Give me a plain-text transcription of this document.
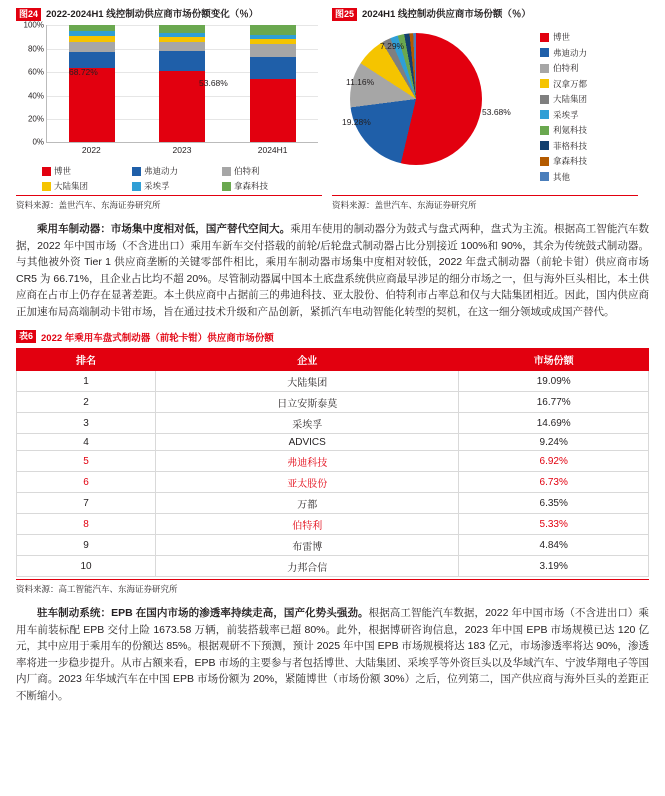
图24 2022-2024H1 线控制动供应商市场份额变化（％）
100%
80%
60%
40%
20%
0%
68.72%
53.68%
2022	2023	2024H1
博世	弗迪动力	伯特利
大陆集团	采埃孚	拿森科技
资料来源：盖世汽车、东海证券研究所
图25 2024H1 线控制动供应商市场份额（％）
53.68%
19.28%
11.16%
7.29%
博世
弗迪动力
伯特利
汉拿万都
大陆集团
采埃孚
利氪科技
菲格科技
拿森科技
其他
资料来源：盖世汽车、东海证券研究所
乘用车制动器：市场集中度相对低，国产替代空间大。乘用车使用的制动器分为鼓式与盘式两种，盘式为主流。根据高工智能汽车数据，2022 年中国市场（不含进出口）乘用车新车交付搭载的前轮/后轮盘式制动器占比分别接近 100%和 90%，其余为传统鼓式制动器。与其他被外资 Tier 1 供应商垄断的关键零部件相比，乘用车制动器市场集中度相对较低，2022 年盘式制动器（前轮卡钳）供应商市场 CR5 为 66.71%，且企业占比均不超 20%。尽管制动器属中国本土底盘系统供应商最早涉足的细分市场之一，但与海外巨头相比，本土供应商在占市上仍存在显著差距。本土供应商中占据前三的弗迪科技、亚太股份、伯特利市占率总和仅与大陆集团相近。因此，国内供应商正加速布局高端制动卡钳市场，旨在通过技术升级和产品创新，紧抓汽车电动智能化转型的契机，在这一细分领域或成国产替代。
表6 2022 年乘用车盘式制动器（前轮卡钳）供应商市场份额
排名	企业	市场份额
1	大陆集团	19.09%
2	日立安斯泰莫	16.77%
3	采埃孚	14.69%
4	ADVICS	9.24%
5	弗迪科技	6.92%
6	亚太股份	6.73%
7	万都	6.35%
8	伯特利	5.33%
9	布雷博	4.84%
10	力邦合信	3.19%
资料来源：高工智能汽车、东海证券研究所
驻车制动系统：EPB 在国内市场的渗透率持续走高，国产化势头强劲。根据高工智能汽车数据，2022 年中国市场（不含进出口）乘用车前装标配 EPB 交付上险 1673.58 万辆，前装搭载率已超 80%。此外，根据博研咨询信息，2023 年中国 EPB 市场规模已达 120 亿元，其中应用于乘用车的份额达 85%。根据观研不下预测，预计 2025 年中国 EPB 市场规模将达 183 亿元，市场渗透率将达 90%，渗透率将进一步稳步提升。从市占额来看，EPB 市场的主要参与者包括博世、大陆集团、采埃孚等外资巨头以及华域汽车、宁波华翔电子等国内厂商。2023 年华域汽车在中国 EPB 市场份额为 20%，紧随博世（市场份额 30%）之后，位列第二，国产供应商与海外巨头的差距正不断缩小。
